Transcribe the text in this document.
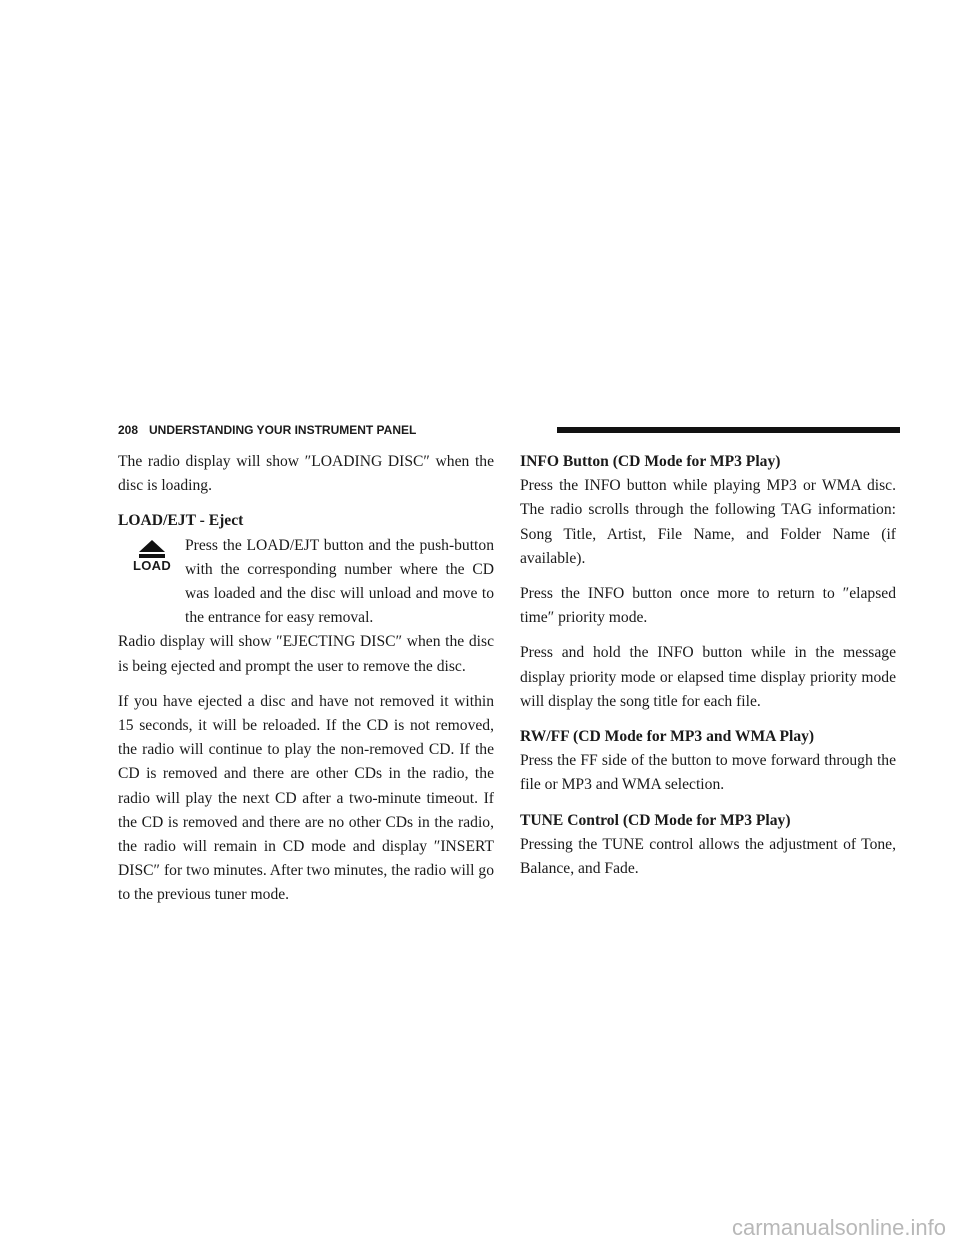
208 UNDERSTANDING YOUR INSTRUMENT PANEL

The radio display will show ″LOADING DISC″ when the disc is loading.

LOAD/EJT - Eject
LOAD
Press the LOAD/EJT button and the push-button with the corresponding number where the CD was loaded and the disc will unload and move to the entrance for easy removal.

Radio display will show ″EJECTING DISC″ when the disc is being ejected and prompt the user to remove the disc.

If you have ejected a disc and have not removed it within 15 seconds, it will be reloaded. If the CD is not removed, the radio will continue to play the non-removed CD. If the CD is removed and there are other CDs in the radio, the radio will play the next CD after a two-minute timeout. If the CD is removed and there are no other CDs in the radio, the radio will remain in CD mode and display ″INSERT DISC″ for two minutes. After two minutes, the radio will go to the previous tuner mode.

INFO Button (CD Mode for MP3 Play)

Press the INFO button while playing MP3 or WMA disc. The radio scrolls through the following TAG information: Song Title, Artist, File Name, and Folder Name (if available).

Press the INFO button once more to return to ″elapsed time″ priority mode.

Press and hold the INFO button while in the message display priority mode or elapsed time display priority mode will display the song title for each file.

RW/FF (CD Mode for MP3 and WMA Play)

Press the FF side of the button to move forward through the file or MP3 and WMA selection.

TUNE Control (CD Mode for MP3 Play)

Pressing the TUNE control allows the adjustment of Tone, Balance, and Fade.

carmanualsonline.info
